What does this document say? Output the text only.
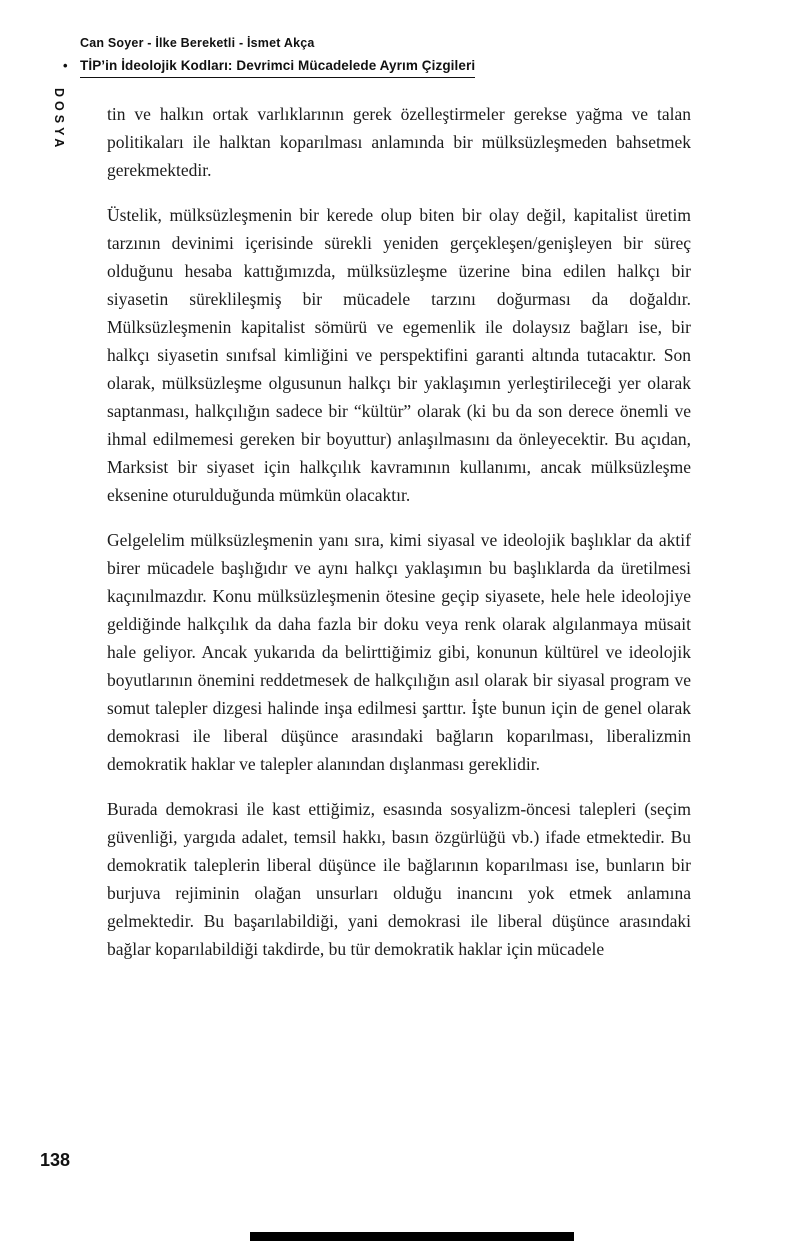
Can Soyer - İlke Bereketli - İsmet Akça
• TİP’in İdeolojik Kodları: Devrimci Mücadelede Ayrım Çizgileri
DOSYA tin ve halkın ortak varlıklarının gerek özelleştirmeler gerekse yağma ve talan politikaları ile halktan koparılması anlamında bir mülksüzleşmeden bahsetmek gerekmektedir.

Üstelik, mülksüzleşmenin bir kerede olup biten bir olay değil, kapitalist üretim tarzının devinimi içerisinde sürekli yeniden gerçekleşen/genişleyen bir süreç olduğunu hesaba kattığımızda, mülksüzleşme üzerine bina edilen halkçı bir siyasetin süreklileşmiş bir mücadele tarzını doğurması da doğaldır. Mülksüzleşmenin kapitalist sömürü ve egemenlik ile dolaysız bağları ise, bir halkçı siyasetin sınıfsal kimliğini ve perspektifini garanti altında tutacaktır. Son olarak, mülksüzleşme olgusunun halkçı bir yaklaşımın yerleştirileceği yer olarak saptanması, halkçılığın sadece bir “kültür” olarak (ki bu da son derece önemli ve ihmal edilmemesi gereken bir boyuttur) anlaşılmasını da önleyecektir. Bu açıdan, Marksist bir siyaset için halkçılık kavramının kullanımı, ancak mülksüzleşme eksenine oturulduğunda mümkün olacaktır.

Gelgelelim mülksüzleşmenin yanı sıra, kimi siyasal ve ideolojik başlıklar da aktif birer mücadele başlığıdır ve aynı halkçı yaklaşımın bu başlıklarda da üretilmesi kaçınılmazdır. Konu mülksüzleşmenin ötesine geçip siyasete, hele hele ideolojiye geldiğinde halkçılık da daha fazla bir doku veya renk olarak algılanmaya müsait hale geliyor. Ancak yukarıda da belirttiğimiz gibi, konunun kültürel ve ideolojik boyutlarının önemini reddetmesek de halkçılığın asıl olarak bir siyasal program ve somut talepler dizgesi halinde inşa edilmesi şarttır. İşte bunun için de genel olarak demokrasi ile liberal düşünce arasındaki bağların koparılması, liberalizmin demokratik haklar ve talepler alanından dışlanması gereklidir.

Burada demokrasi ile kast ettiğimiz, esasında sosyalizm-öncesi talepleri (seçim güvenliği, yargıda adalet, temsil hakkı, basın özgürlüğü vb.) ifade etmektedir. Bu demokratik taleplerin liberal düşünce ile bağlarının koparılması ise, bunların bir burjuva rejiminin olağan unsurları olduğu inancını yok etmek anlamına gelmektedir. Bu başarılabildiği, yani demokrasi ile liberal düşünce arasındaki bağlar koparılabildiği takdirde, bu tür demokratik haklar için mücadele

138
